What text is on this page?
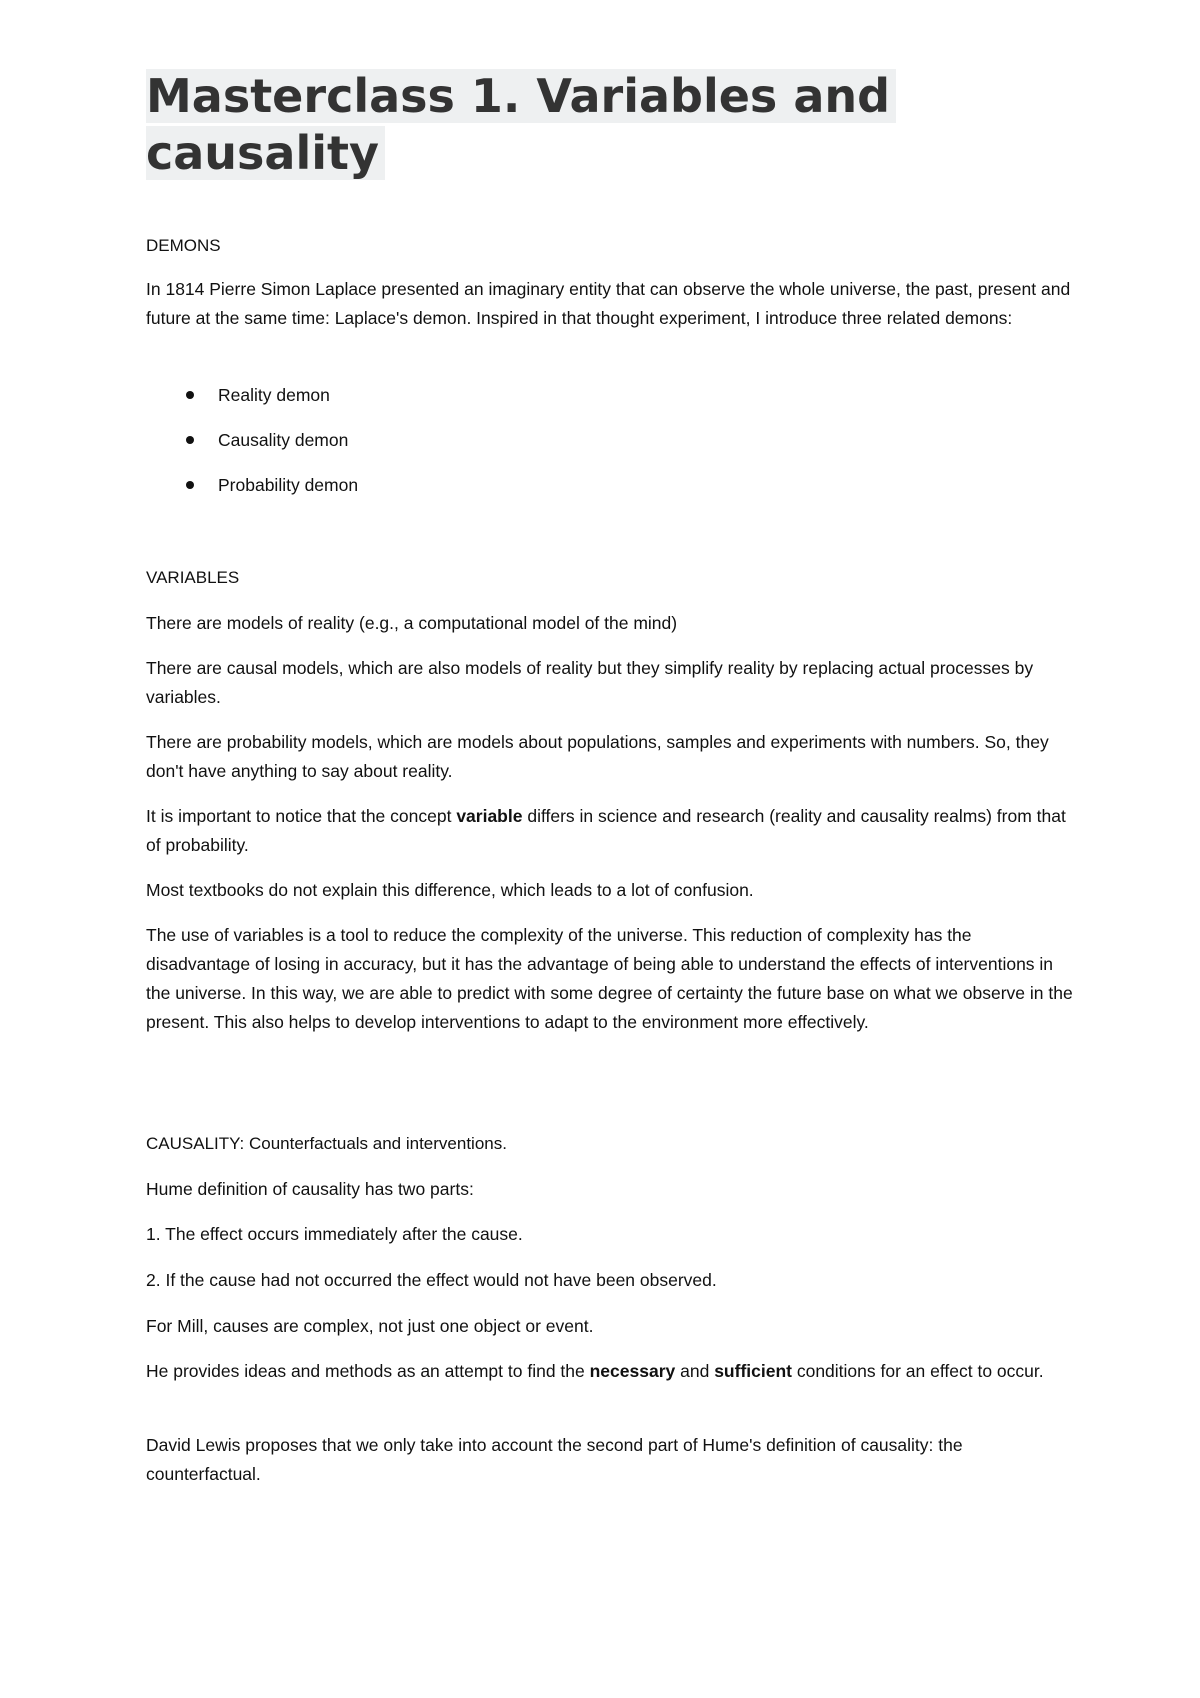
Masterclass 1. Variables and causality

DEMONS

In 1814 Pierre Simon Laplace presented an imaginary entity that can observe the whole universe, the past, present and future at the same time: Laplace's demon. Inspired in that thought experiment, I introduce three related demons:

Reality demon
Causality demon
Probability demon

VARIABLES

There are models of reality (e.g., a computational model of the mind)

There are causal models, which are also models of reality but they simplify reality by replacing actual processes by variables.

There are probability models, which are models about populations, samples and experiments with numbers. So, they don't have anything to say about reality.

It is important to notice that the concept variable differs in science and research (reality and causality realms) from that of probability.

Most textbooks do not explain this difference, which leads to a lot of confusion.

The use of variables is a tool to reduce the complexity of the universe. This reduction of complexity has the disadvantage of losing in accuracy, but it has the advantage of being able to understand the effects of interventions in the universe. In this way, we are able to predict with some degree of certainty the future base on what we observe in the present. This also helps to develop interventions to adapt to the environment more effectively.

CAUSALITY: Counterfactuals and interventions.

Hume definition of causality has two parts:

1. The effect occurs immediately after the cause.

2. If the cause had not occurred the effect would not have been observed.

For Mill, causes are complex, not just one object or event.

He provides ideas and methods as an attempt to find the necessary and sufficient conditions for an effect to occur.

David Lewis proposes that we only take into account the second part of Hume's definition of causality: the counterfactual.
